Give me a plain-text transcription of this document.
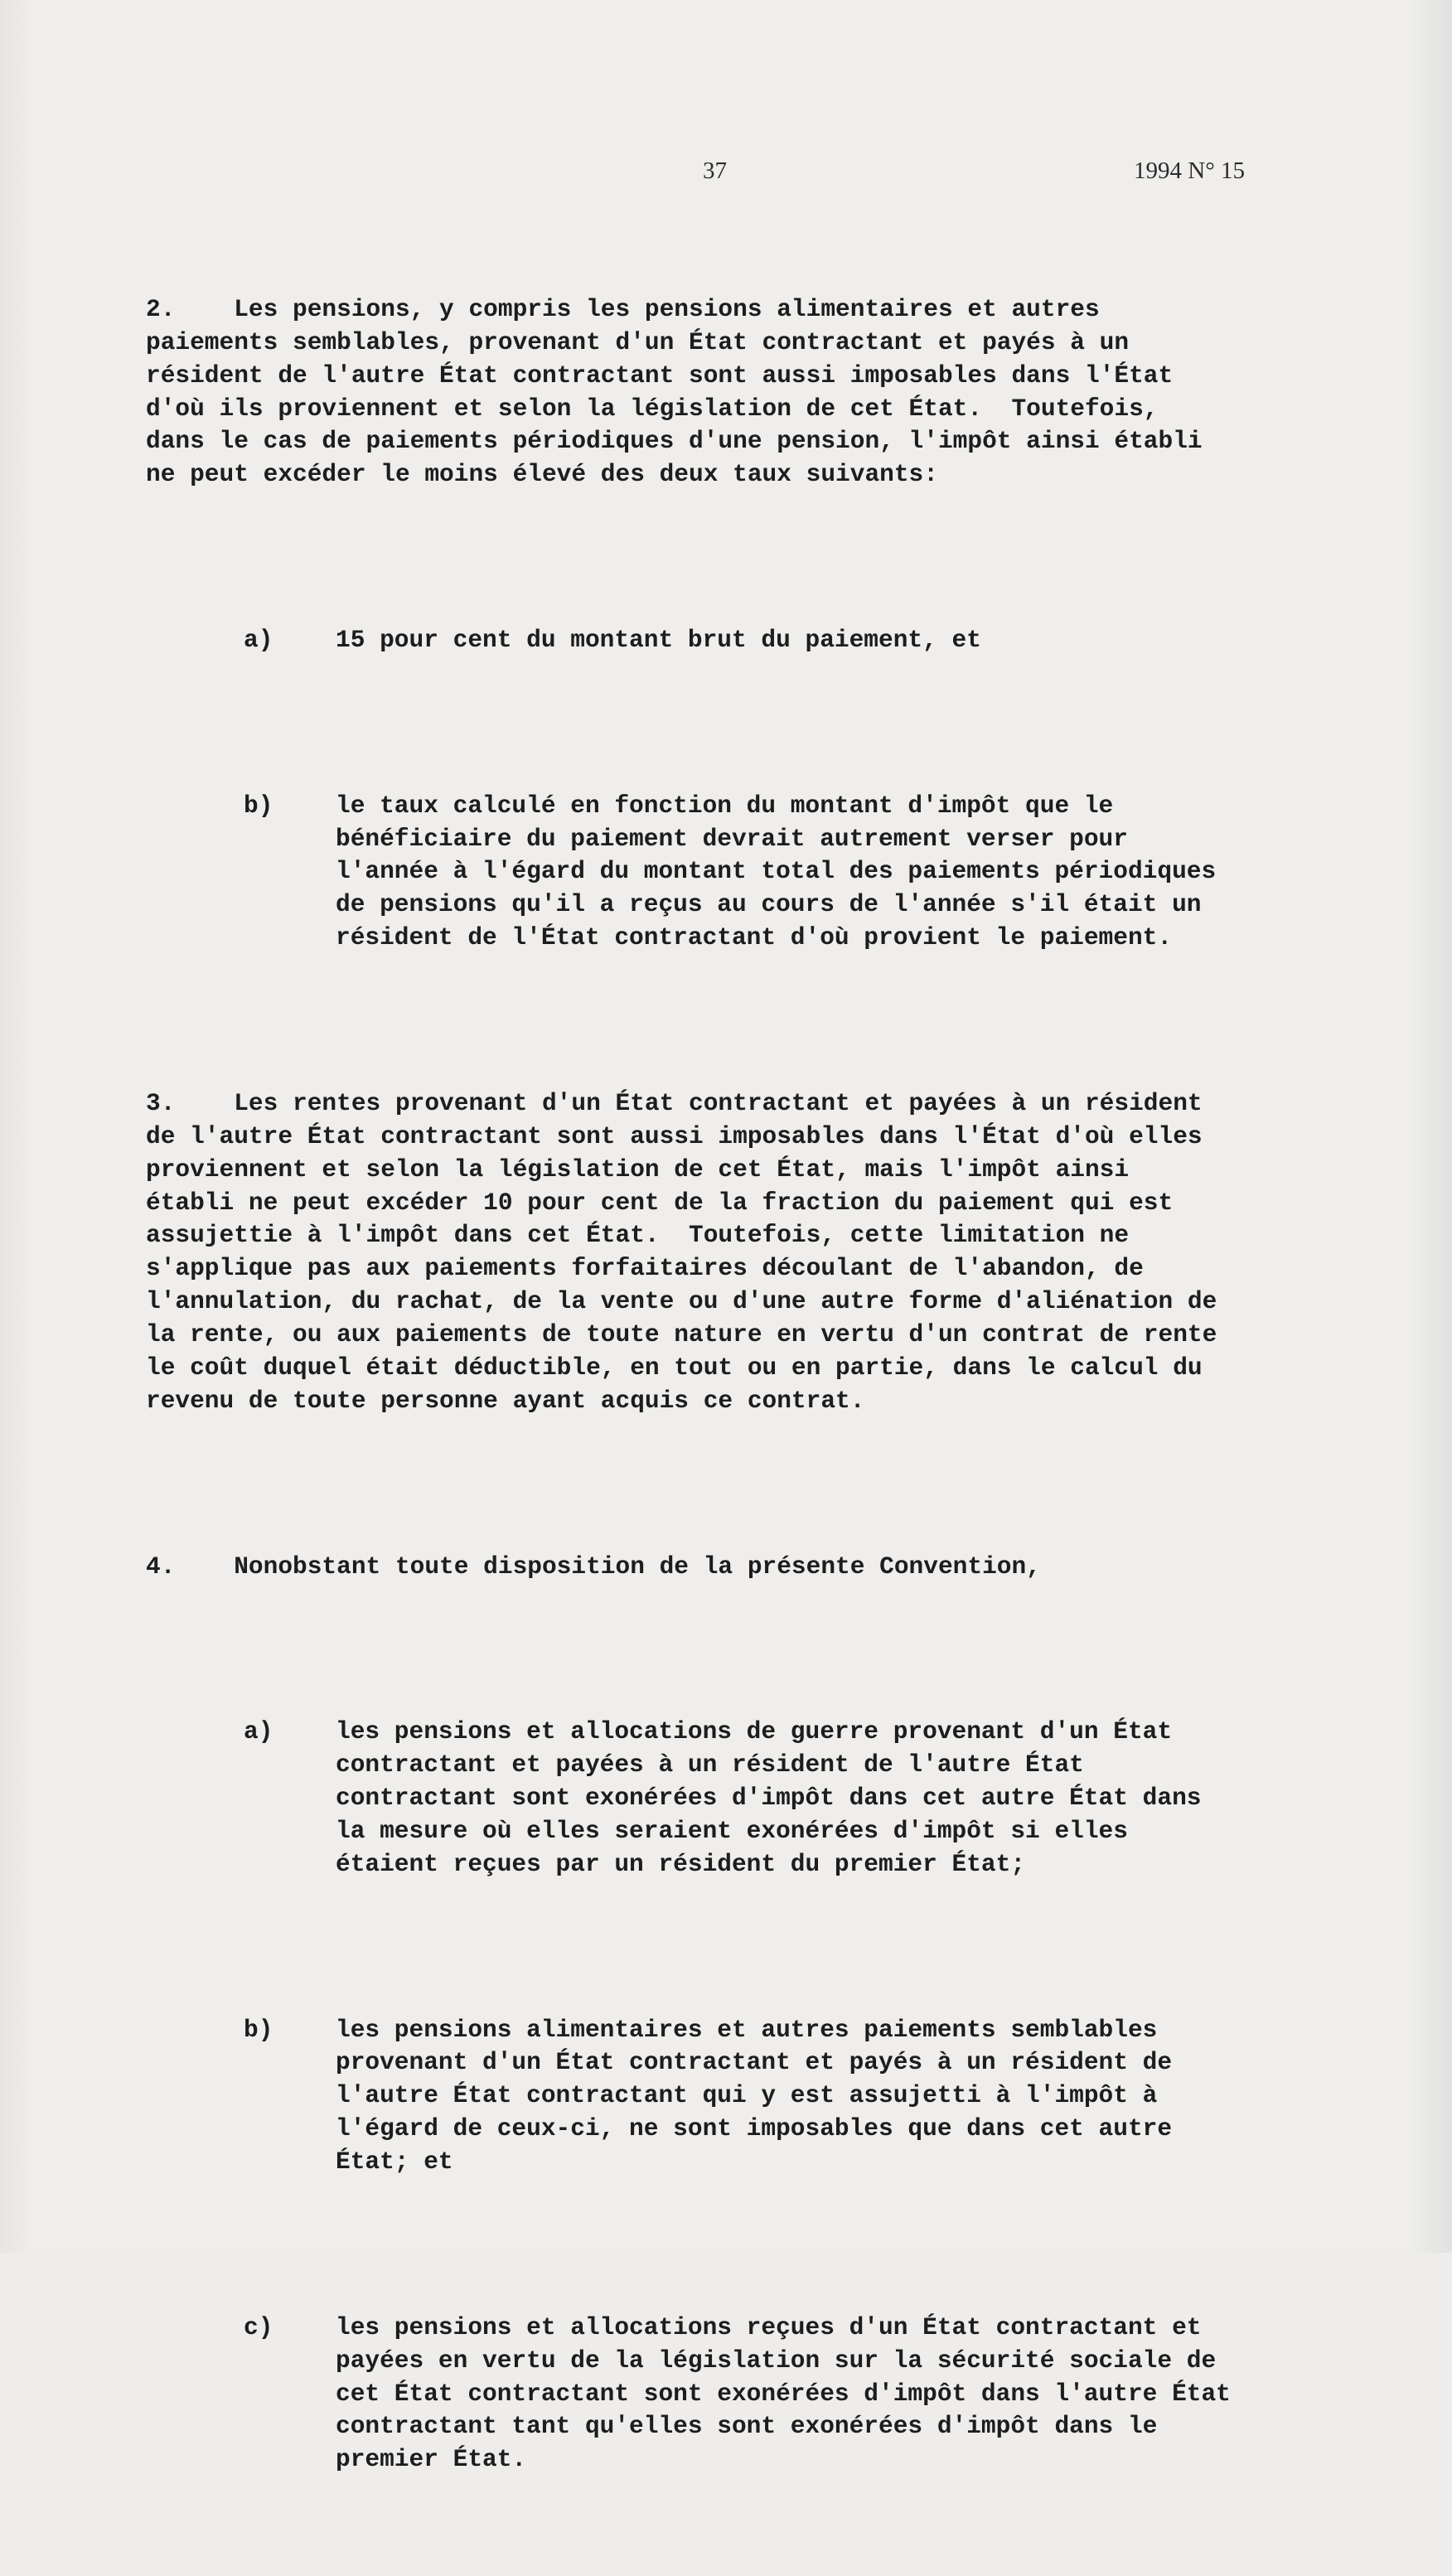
37	1994 N° 15

2.    Les pensions, y compris les pensions alimentaires et autres
paiements semblables, provenant d'un État contractant et payés à un
résident de l'autre État contractant sont aussi imposables dans l'État
d'où ils proviennent et selon la législation de cet État.  Toutefois,
dans le cas de paiements périodiques d'une pension, l'impôt ainsi établi
ne peut excéder le moins élevé des deux taux suivants:

a)	15 pour cent du montant brut du paiement, et

b)	le taux calculé en fonction du montant d'impôt que le
bénéficiaire du paiement devrait autrement verser pour
l'année à l'égard du montant total des paiements périodiques
de pensions qu'il a reçus au cours de l'année s'il était un
résident de l'État contractant d'où provient le paiement.

3.    Les rentes provenant d'un État contractant et payées à un résident
de l'autre État contractant sont aussi imposables dans l'État d'où elles
proviennent et selon la législation de cet État, mais l'impôt ainsi
établi ne peut excéder 10 pour cent de la fraction du paiement qui est
assujettie à l'impôt dans cet État.  Toutefois, cette limitation ne
s'applique pas aux paiements forfaitaires découlant de l'abandon, de
l'annulation, du rachat, de la vente ou d'une autre forme d'aliénation de
la rente, ou aux paiements de toute nature en vertu d'un contrat de rente
le coût duquel était déductible, en tout ou en partie, dans le calcul du
revenu de toute personne ayant acquis ce contrat.

4.    Nonobstant toute disposition de la présente Convention,

a)	les pensions et allocations de guerre provenant d'un État
contractant et payées à un résident de l'autre État
contractant sont exonérées d'impôt dans cet autre État dans
la mesure où elles seraient exonérées d'impôt si elles
étaient reçues par un résident du premier État;

b)	les pensions alimentaires et autres paiements semblables
provenant d'un État contractant et payés à un résident de
l'autre État contractant qui y est assujetti à l'impôt à
l'égard de ceux-ci, ne sont imposables que dans cet autre
État; et

c)	les pensions et allocations reçues d'un État contractant et
payées en vertu de la législation sur la sécurité sociale de
cet État contractant sont exonérées d'impôt dans l'autre État
contractant tant qu'elles sont exonérées d'impôt dans le
premier État.
